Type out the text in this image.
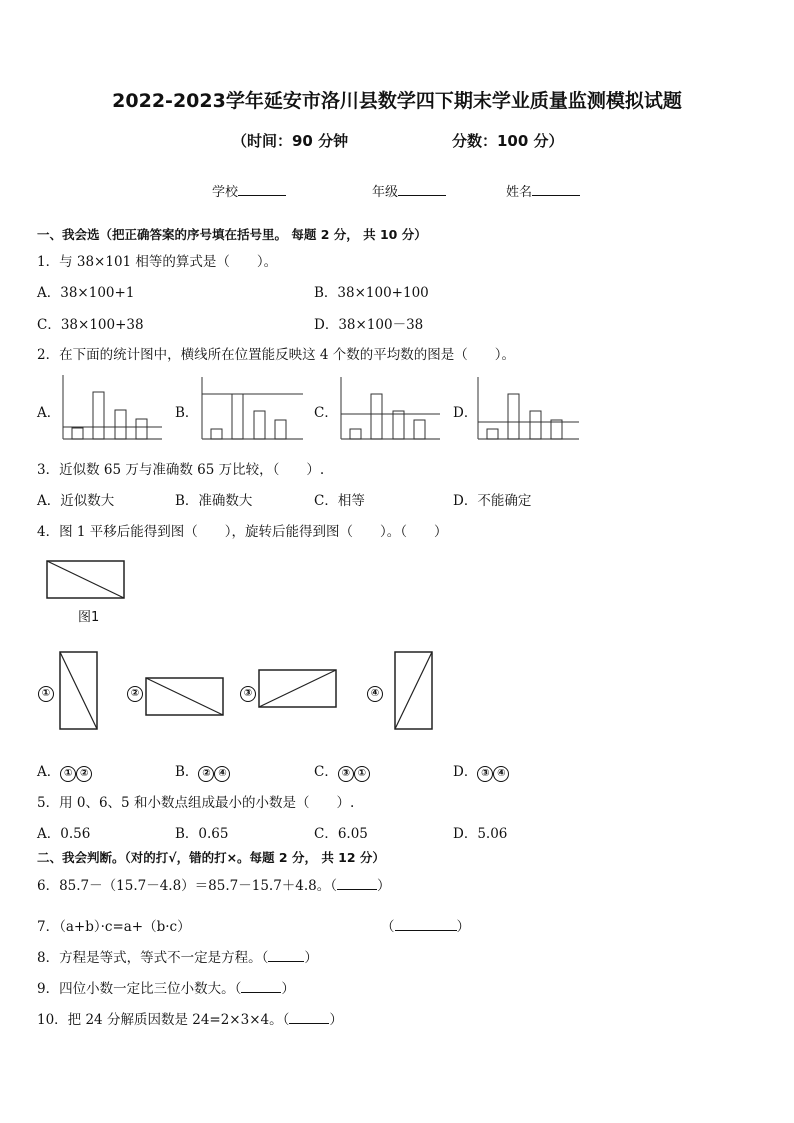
2022-2023学年延安市洛川县数学四下期末学业质量监测模拟试题
（时间：90 分钟	分数：100 分）
学校	年级	姓名
一、我会选（把正确答案的序号填在括号里。 每题 2 分， 共 10 分）
1．与 38×101 相等的算式是（　　）。
A．38×100+1	B．38×100+100
C．38×100+38	D．38×100－38
2．在下面的统计图中，横线所在位置能反映这 4 个数的平均数的图是（　　）。
A．	B．	C．	D．
3．近似数 65 万与准确数 65 万比较，（　　）.
A．近似数大	B．准确数大	C．相等	D．不能确定
4．图 1 平移后能得到图（　　），旋转后能得到图（　　）。（　　）
图1
①	②	③	④
A． ① ②	B． ② ④	C． ③ ①	D． ③ ④
5．用 0、6、5 和小数点组成最小的小数是（　　）.
A．0.56	B．0.65	C．6.05	D．5.06
二、我会判断。（对的打√，错的打×。每题 2 分， 共 12 分）
6．85.7－（15.7－4.8）＝85.7－15.7＋4.8。（	）
7．（a+b）·c=a+（b·c）	（	）
8．方程是等式，等式不一定是方程。（	）
9．四位小数一定比三位小数大。（	）
10．把 24 分解质因数是 24=2×3×4。（	）
